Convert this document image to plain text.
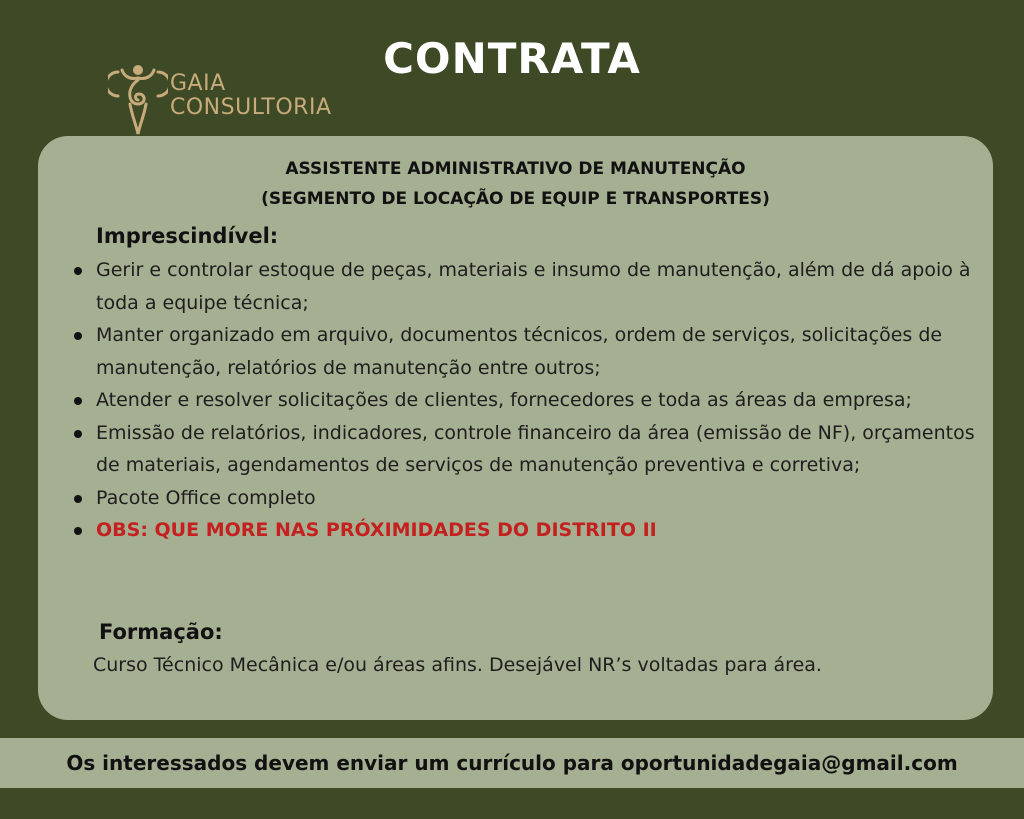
CONTRATA
GAIA
CONSULTORIA
ASSISTENTE ADMINISTRATIVO DE MANUTENÇÃO
(SEGMENTO DE LOCAÇÃO DE EQUIP E TRANSPORTES)
Imprescindível:
Gerir e controlar estoque de peças, materiais e insumo de manutenção, além de dá apoio à toda a equipe técnica;
Manter organizado em arquivo, documentos técnicos, ordem de serviços, solicitações de manutenção, relatórios de manutenção entre outros;
Atender e resolver solicitações de clientes, fornecedores e toda as áreas da empresa;
Emissão de relatórios, indicadores, controle financeiro da área (emissão de NF), orçamentos de materiais, agendamentos de serviços de manutenção preventiva e corretiva;
Pacote Office completo
OBS: QUE MORE NAS PRÓXIMIDADES DO DISTRITO II
Formação:
Curso Técnico Mecânica e/ou áreas afins. Desejável NR’s voltadas para área.
Os interessados devem enviar um currículo para oportunidadegaia@gmail.com
